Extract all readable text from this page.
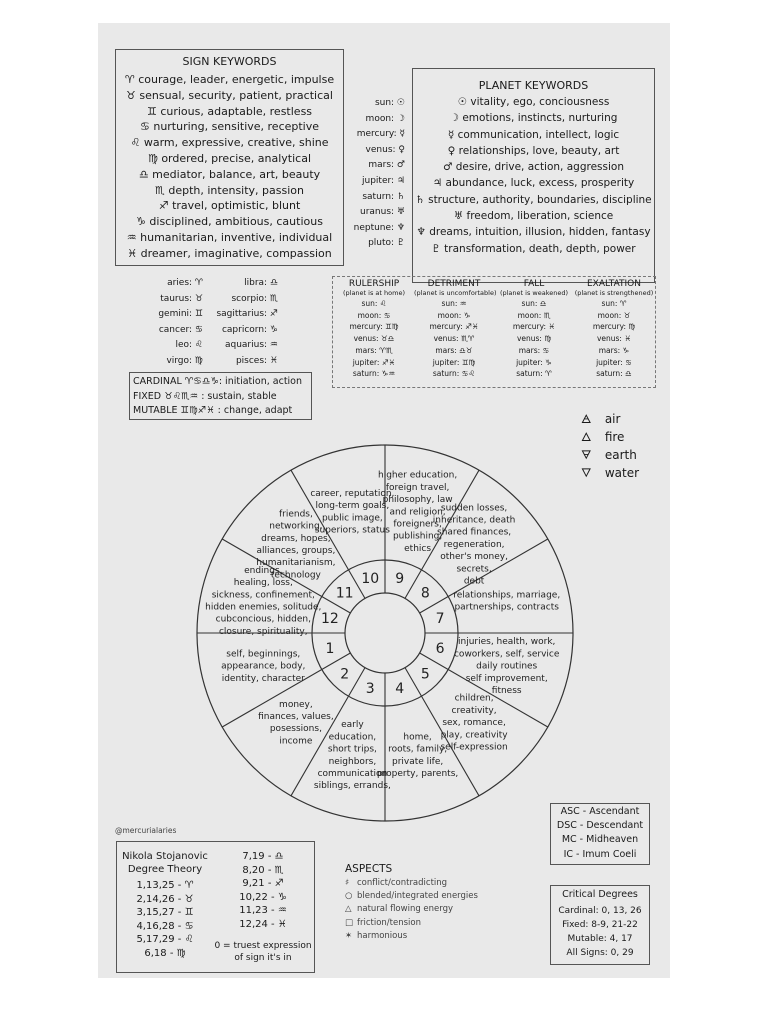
SIGN KEYWORDS
♈ courage, leader, energetic, impulse
♉ sensual, security, patient, practical
♊ curious, adaptable, restless
♋ nurturing, sensitive, receptive
♌ warm, expressive, creative, shine
♍ ordered, precise, analytical
♎ mediator, balance, art, beauty
♏ depth, intensity, passion
♐ travel, optimistic, blunt
♑ disciplined, ambitious, cautious
♒ humanitarian, inventive, individual
♓ dreamer, imaginative, compassion
sun: ☉
moon: ☽
mercury: ☿
venus: ♀
mars: ♂
jupiter: ♃
saturn: ♄
uranus: ♅
neptune: ♆
pluto: ♇
PLANET KEYWORDS
☉ vitality, ego, conciousness
☽ emotions, instincts, nurturing
☿ communication, intellect, logic
♀ relationships, love, beauty, art
♂ desire, drive, action, aggression
♃ abundance, luck, excess, prosperity
♄ structure, authority, boundaries, discipline
♅ freedom, liberation, science
♆ dreams, intuition, illusion, hidden, fantasy
♇ transformation, death, depth, power
aries: ♈
taurus: ♉
gemini: ♊
cancer: ♋
leo: ♌
virgo: ♍
libra: ♎
scorpio: ♏
sagittarius: ♐
capricorn: ♑
aquarius: ♒
pisces: ♓
RULERSHIP
(planet is at home)
sun: ♌
moon: ♋
mercury: ♊♍
venus: ♉♎
mars: ♈♏
jupiter: ♐♓
saturn: ♑♒
DETRIMENT
(planet is uncomfortable)
sun: ♒
moon: ♑
mercury: ♐♓
venus: ♏♈
mars: ♎♉
jupiter: ♊♍
saturn: ♋♌
FALL
(planet is weakened)
sun: ♎
moon: ♏
mercury: ♓
venus: ♍
mars: ♋
jupiter: ♑
saturn: ♈
EXALTATION
(planet is strengthened)
sun: ♈
moon: ♉
mercury: ♍
venus: ♓
mars: ♑
jupiter: ♋
saturn: ♎
CARDINAL ♈♋♎♑: initiation, action
FIXED ♉♌♏♒ : sustain, stable
MUTABLE ♊♍♐♓ : change, adapt
🜁 air
🜂 fire
🜃 earth
🜄 water
1
self, beginnings,
appearance, body,
identity, character	2
money,
finances, values,
posessions,
income
3
early
education,
short trips,
neighbors,
communication
siblings, errands,
4
home,
roots, family,
private life,
property, parents,
5
children,
creativity,
sex, romance,
play, creativity
self-expression
6 injuries, health, work,
coworkers, self, service
daily routines
self improvement,
fitness
7
relationships, marriage,
partnerships, contracts
8
sudden losses,
inheritance, death
shared finances,
regeneration,
other's money,
secrets,
debt
9
higher education,
foreign travel,
philosophy, law
and religion,
foreigners,
publishing,
ethics
10
career, reputation,
long-term goals,
public image,
superiors, status
11
friends,
networking,
dreams, hopes,
alliances, groups,
humanitarianism,
technology
12
endings,
healing, loss,
sickness, confinement,
hidden enemies, solitude,
cubconcious, hidden,
closure, spirituality,
ASC - Ascendant
DSC - Descendant
MC - Midheaven
IC - Imum Coeli
@mercurialaries
Nikola Stojanovic
Degree Theory
1,13,25 - ♈
2,14,26 - ♉
3,15,27 - ♊
4,16,28 - ♋
5,17,29 - ♌
6,18 - ♍
7,19 - ♎
8,20 - ♏
9,21 - ♐
10,22 - ♑
11,23 - ♒
12,24 - ♓
0 = truest expression
of sign it's in
ASPECTS
♯ conflict/contradicting
○ blended/integrated energies
△ natural flowing energy
□ friction/tension
✶ harmonious
Critical Degrees
Cardinal: 0, 13, 26
Fixed: 8-9, 21-22
Mutable: 4, 17
All Signs: 0, 29
